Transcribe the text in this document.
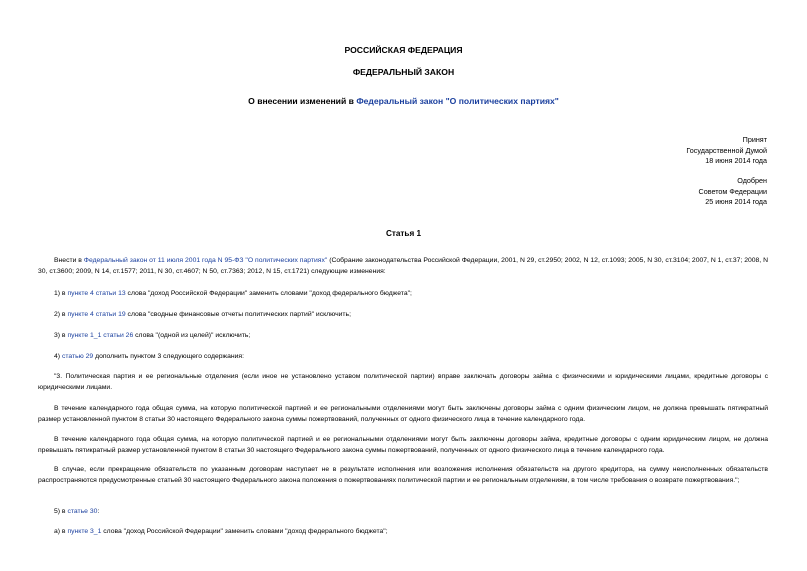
РОССИЙСКАЯ ФЕДЕРАЦИЯ
ФЕДЕРАЛЬНЫЙ ЗАКОН
О внесении изменений в Федеральный закон "О политических партиях"
Принят
Государственной Думой
18 июня 2014 года
Одобрен
Советом Федерации
25 июня 2014 года
Статья 1
Внести в Федеральный закон от 11 июля 2001 года N 95-ФЗ "О политических партиях" (Собрание законодательства Российской Федерации, 2001, N 29, ст.2950; 2002, N 12, ст.1093; 2005, N 30, ст.3104; 2007, N 1, ст.37; 2008, N 30, ст.3600; 2009, N 14, ст.1577; 2011, N 30, ст.4607; N 50, ст.7363; 2012, N 15, ст.1721) следующие изменения:
1) в пункте 4 статьи 13 слова "доход Российской Федерации" заменить словами "доход федерального бюджета";
2) в пункте 4 статьи 19 слова "сводные финансовые отчеты политических партий" исключить;
3) в пункте 1_1 статьи 26 слова "(одной из целей)" исключить;
4) статью 29 дополнить пунктом 3 следующего содержания:
"3. Политическая партия и ее региональные отделения (если иное не установлено уставом политической партии) вправе заключать договоры займа с физическими и юридическими лицами, кредитные договоры с юридическими лицами.
В течение календарного года общая сумма, на которую политической партией и ее региональными отделениями могут быть заключены договоры займа с одним физическим лицом, не должна превышать пятикратный размер установленной пунктом 8 статьи 30 настоящего Федерального закона суммы пожертвований, полученных от одного физического лица в течение календарного года.
В течение календарного года общая сумма, на которую политической партией и ее региональными отделениями могут быть заключены договоры займа, кредитные договоры с одним юридическим лицом, не должна превышать пятикратный размер установленной пунктом 8 статьи 30 настоящего Федерального закона суммы пожертвований, полученных от одного физического лица в течение календарного года.
В случае, если прекращение обязательств по указанным договорам наступает не в результате исполнения или возложения исполнения обязательств на другого кредитора, на сумму неисполненных обязательств распространяются предусмотренные статьей 30 настоящего Федерального закона положения о пожертвованиях политической партии и ее региональным отделениям, в том числе требования о возврате пожертвования.";
5) в статье 30:
а) в пункте 3_1 слова "доход Российской Федерации" заменить словами "доход федерального бюджета";
